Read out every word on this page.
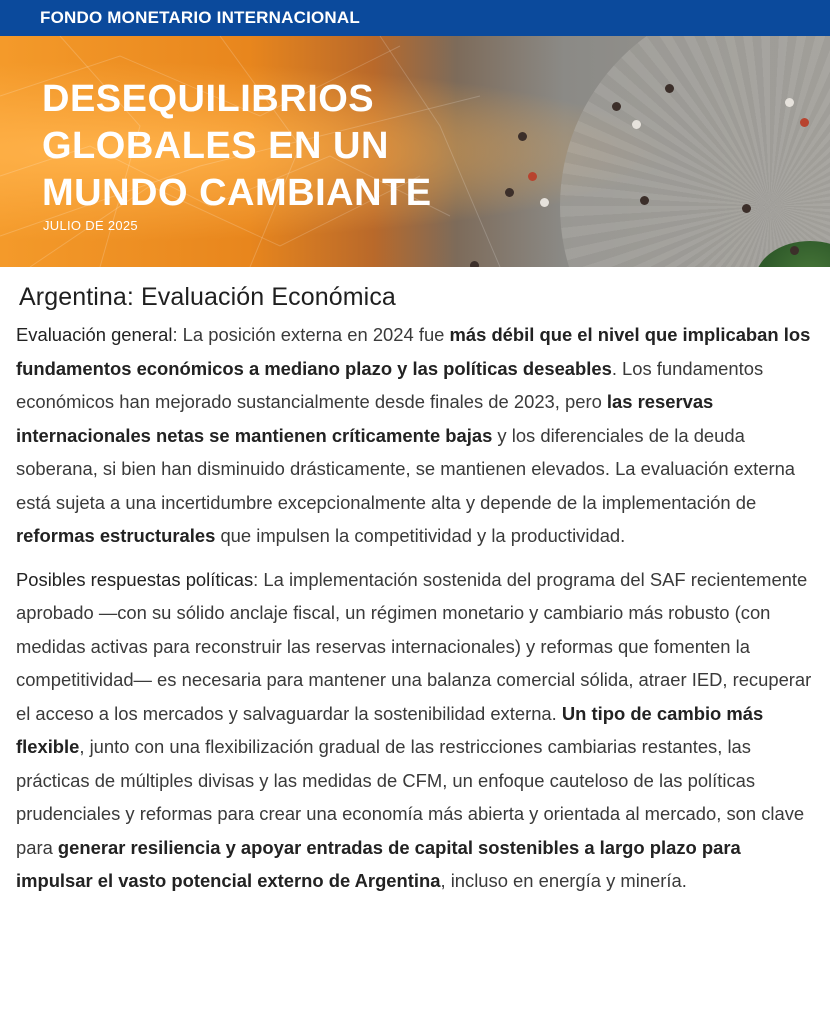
FONDO MONETARIO INTERNACIONAL
DESEQUILIBRIOS
GLOBALES EN UN
MUNDO CAMBIANTE
JULIO DE 2025
Argentina: Evaluación Económica

Evaluación general: La posición externa en 2024 fue más débil que el nivel que implicaban los fundamentos económicos a mediano plazo y las políticas deseables. Los fundamentos económicos han mejorado sustancialmente desde finales de 2023, pero las reservas internacionales netas se mantienen críticamente bajas y los diferenciales de la deuda soberana, si bien han disminuido drásticamente, se mantienen elevados. La evaluación externa está sujeta a una incertidumbre excepcionalmente alta y depende de la implementación de reformas estructurales que impulsen la competitividad y la productividad.

Posibles respuestas políticas: La implementación sostenida del programa del SAF recientemente aprobado —con su sólido anclaje fiscal, un régimen monetario y cambiario más robusto (con medidas activas para reconstruir las reservas internacionales) y reformas que fomenten la competitividad— es necesaria para mantener una balanza comercial sólida, atraer IED, recuperar el acceso a los mercados y salvaguardar la sostenibilidad externa. Un tipo de cambio más flexible, junto con una flexibilización gradual de las restricciones cambiarias restantes, las prácticas de múltiples divisas y las medidas de CFM, un enfoque cauteloso de las políticas prudenciales y reformas para crear una economía más abierta y orientada al mercado, son clave para generar resiliencia y apoyar entradas de capital sostenibles a largo plazo para impulsar el vasto potencial externo de Argentina, incluso en energía y minería.
